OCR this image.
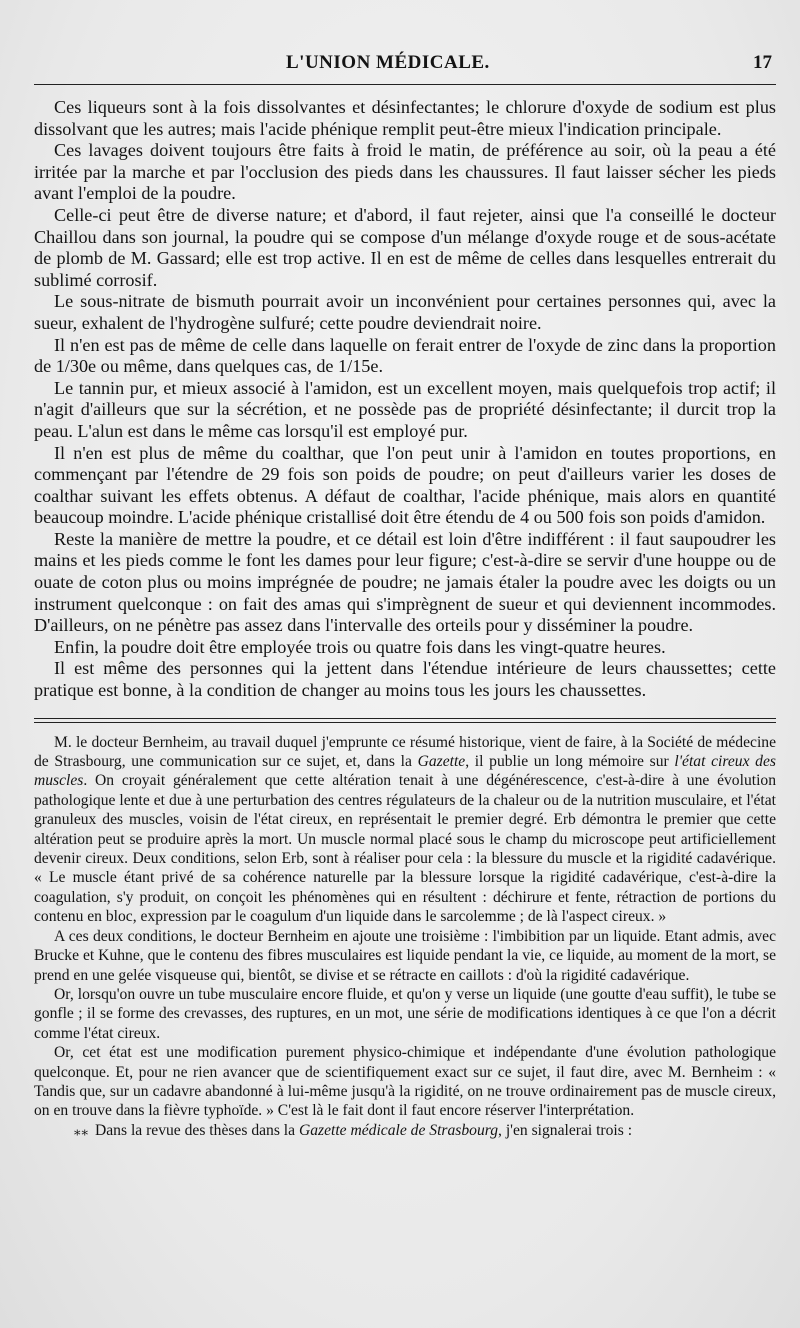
L'UNION MÉDICALE.	17

Ces liqueurs sont à la fois dissolvantes et désinfectantes; le chlorure d'oxyde de sodium est plus dissolvant que les autres; mais l'acide phénique remplit peut-être mieux l'indication principale.

Ces lavages doivent toujours être faits à froid le matin, de préférence au soir, où la peau a été irritée par la marche et par l'occlusion des pieds dans les chaussures. Il faut laisser sécher les pieds avant l'emploi de la poudre.

Celle-ci peut être de diverse nature; et d'abord, il faut rejeter, ainsi que l'a conseillé le docteur Chaillou dans son journal, la poudre qui se compose d'un mélange d'oxyde rouge et de sous-acétate de plomb de M. Gassard; elle est trop active. Il en est de même de celles dans lesquelles entrerait du sublimé corrosif.

Le sous-nitrate de bismuth pourrait avoir un inconvénient pour certaines personnes qui, avec la sueur, exhalent de l'hydrogène sulfuré; cette poudre deviendrait noire.

Il n'en est pas de même de celle dans laquelle on ferait entrer de l'oxyde de zinc dans la proportion de 1/30e ou même, dans quelques cas, de 1/15e.

Le tannin pur, et mieux associé à l'amidon, est un excellent moyen, mais quelquefois trop actif; il n'agit d'ailleurs que sur la sécrétion, et ne possède pas de propriété désinfectante; il durcit trop la peau. L'alun est dans le même cas lorsqu'il est employé pur.

Il n'en est plus de même du coalthar, que l'on peut unir à l'amidon en toutes proportions, en commençant par l'étendre de 29 fois son poids de poudre; on peut d'ailleurs varier les doses de coalthar suivant les effets obtenus. A défaut de coalthar, l'acide phénique, mais alors en quantité beaucoup moindre. L'acide phénique cristallisé doit être étendu de 4 ou 500 fois son poids d'amidon.

Reste la manière de mettre la poudre, et ce détail est loin d'être indifférent : il faut saupoudrer les mains et les pieds comme le font les dames pour leur figure; c'est-à-dire se servir d'une houppe ou de ouate de coton plus ou moins imprégnée de poudre; ne jamais étaler la poudre avec les doigts ou un instrument quelconque : on fait des amas qui s'imprègnent de sueur et qui deviennent incommodes. D'ailleurs, on ne pénètre pas assez dans l'intervalle des orteils pour y disséminer la poudre.

Enfin, la poudre doit être employée trois ou quatre fois dans les vingt-quatre heures.

Il est même des personnes qui la jettent dans l'étendue intérieure de leurs chaussettes; cette pratique est bonne, à la condition de changer au moins tous les jours les chaussettes.

M. le docteur Bernheim, au travail duquel j'emprunte ce résumé historique, vient de faire, à la Société de médecine de Strasbourg, une communication sur ce sujet, et, dans la Gazette, il publie un long mémoire sur l'état cireux des muscles. On croyait généralement que cette altération tenait à une dégénérescence, c'est-à-dire à une évolution pathologique lente et due à une perturbation des centres régulateurs de la chaleur ou de la nutrition musculaire, et l'état granuleux des muscles, voisin de l'état cireux, en représentait le premier degré. Erb démontra le premier que cette altération peut se produire après la mort. Un muscle normal placé sous le champ du microscope peut artificiellement devenir cireux. Deux conditions, selon Erb, sont à réaliser pour cela : la blessure du muscle et la rigidité cadavérique. « Le muscle étant privé de sa cohérence naturelle par la blessure lorsque la rigidité cadavérique, c'est-à-dire la coagulation, s'y produit, on conçoit les phénomènes qui en résultent : déchirure et fente, rétraction de portions du contenu en bloc, expression par le coagulum d'un liquide dans le sarcolemme ; de là l'aspect cireux. »

A ces deux conditions, le docteur Bernheim en ajoute une troisième : l'imbibition par un liquide. Etant admis, avec Brucke et Kuhne, que le contenu des fibres musculaires est liquide pendant la vie, ce liquide, au moment de la mort, se prend en une gelée visqueuse qui, bientôt, se divise et se rétracte en caillots : d'où la rigidité cadavérique.

Or, lorsqu'on ouvre un tube musculaire encore fluide, et qu'on y verse un liquide (une goutte d'eau suffit), le tube se gonfle ; il se forme des crevasses, des ruptures, en un mot, une série de modifications identiques à ce que l'on a décrit comme l'état cireux.

Or, cet état est une modification purement physico-chimique et indépendante d'une évolution pathologique quelconque. Et, pour ne rien avancer que de scientifiquement exact sur ce sujet, il faut dire, avec M. Bernheim : « Tandis que, sur un cadavre abandonné à lui-même jusqu'à la rigidité, on ne trouve ordinairement pas de muscle cireux, on en trouve dans la fièvre typhoïde. » C'est là le fait dont il faut encore réserver l'interprétation.

⁎⁎ Dans la revue des thèses dans la Gazette médicale de Strasbourg, j'en signalerai trois :
